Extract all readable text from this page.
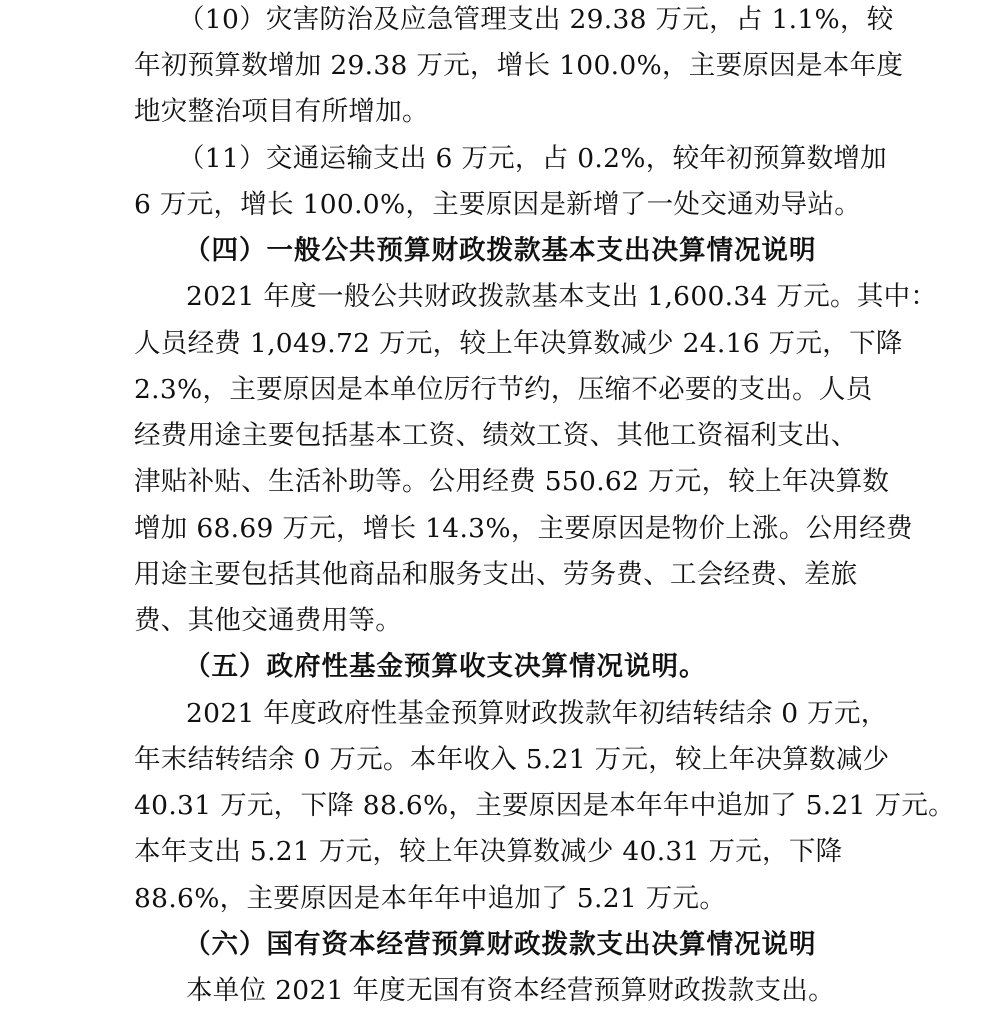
（10）灾害防治及应急管理支出 29.38 万元，占 1.1%，较
年初预算数增加 29.38 万元，增长 100.0%，主要原因是本年度
地灾整治项目有所增加。
（11）交通运输支出 6 万元，占 0.2%，较年初预算数增加
6 万元，增长 100.0%，主要原因是新增了一处交通劝导站。
（四）一般公共预算财政拨款基本支出决算情况说明
2021 年度一般公共财政拨款基本支出 1,600.34 万元。其中：
人员经费 1,049.72 万元，较上年决算数减少 24.16 万元，下降
2.3%，主要原因是本单位厉行节约，压缩不必要的支出。人员
经费用途主要包括基本工资、绩效工资、其他工资福利支出、
津贴补贴、生活补助等。公用经费 550.62 万元，较上年决算数
增加 68.69 万元，增长 14.3%，主要原因是物价上涨。公用经费
用途主要包括其他商品和服务支出、劳务费、工会经费、差旅
费、其他交通费用等。
（五）政府性基金预算收支决算情况说明。
2021 年度政府性基金预算财政拨款年初结转结余 0 万元，
年末结转结余 0 万元。本年收入 5.21 万元，较上年决算数减少
40.31 万元，下降 88.6%，主要原因是本年年中追加了 5.21 万元。
本年支出 5.21 万元，较上年决算数减少 40.31 万元，下降
88.6%，主要原因是本年年中追加了 5.21 万元。
（六）国有资本经营预算财政拨款支出决算情况说明
本单位 2021 年度无国有资本经营预算财政拨款支出。
